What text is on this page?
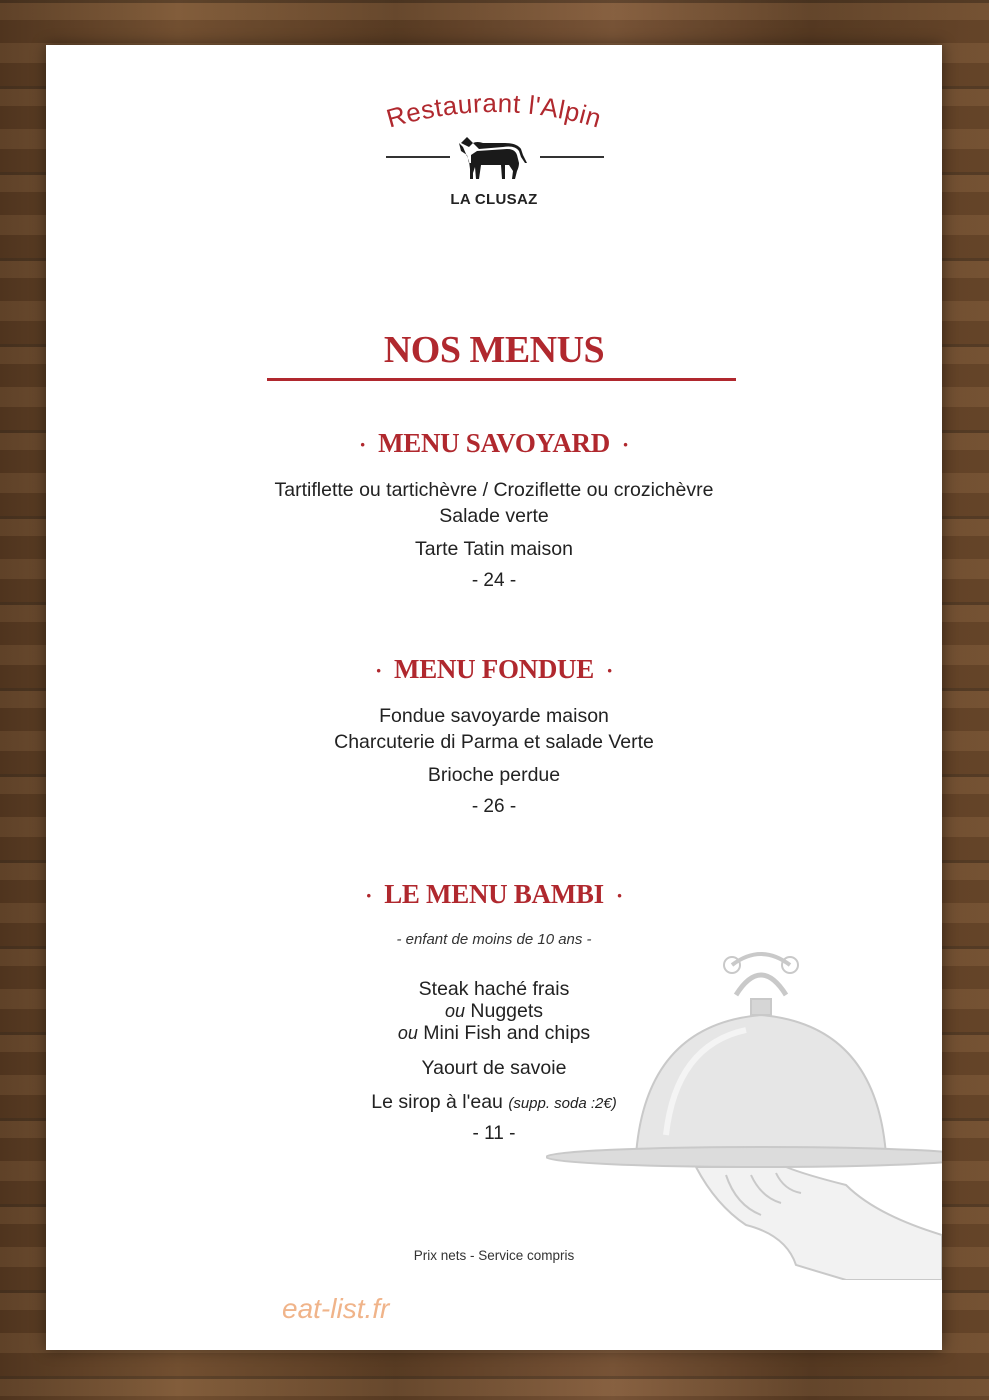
Restaurant l'Alpin
LA CLUSAZ
NOS MENUS
· MENU SAVOYARD ·
Tartiflette ou tartichèvre / Croziflette ou crozichèvre
Salade verte
Tarte Tatin maison
- 24 -
· MENU FONDUE ·
Fondue savoyarde maison
Charcuterie di Parma et salade Verte
Brioche perdue
- 26 -
· LE MENU BAMBI ·
- enfant de moins de 10 ans -
Steak haché frais
ou Nuggets
ou Mini Fish and chips
Yaourt de savoie
Le sirop à l'eau (supp. soda :2€)
- 11 -
Prix nets - Service compris
eat-list.fr
